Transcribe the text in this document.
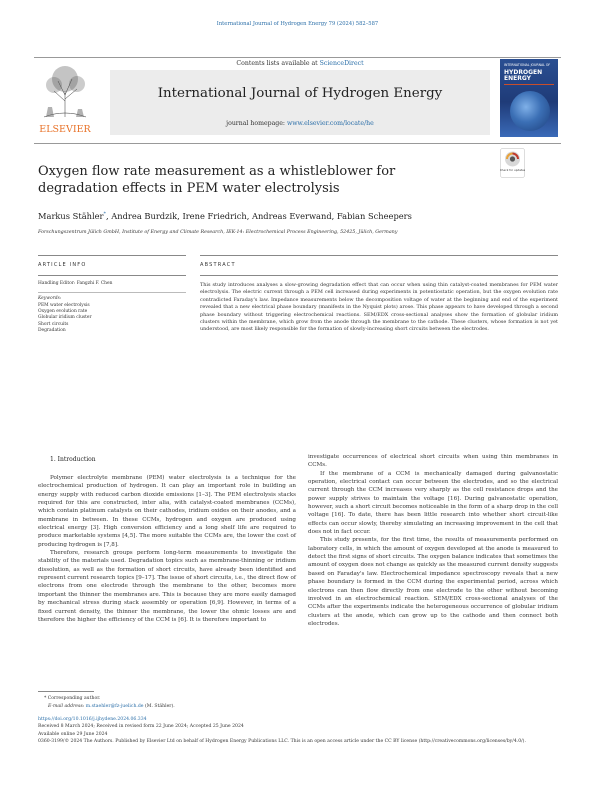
International Journal of Hydrogen Energy 79 (2024) 582–587
ELSEVIER
Contents lists available at ScienceDirect
International Journal of Hydrogen Energy
journal homepage: www.elsevier.com/locate/he
INTERNATIONAL JOURNAL OF
HYDROGEN ENERGY
Check for updates
Oxygen flow rate measurement as a whistleblower for degradation effects in PEM water electrolysis
Markus Stähler*, Andrea Burdzik, Irene Friedrich, Andreas Everwand, Fabian Scheepers
Forschungszentrum Jülich GmbH, Institute of Energy and Climate Research, IEK-14: Electrochemical Process Engineering, 52425, Jülich, Germany
ARTICLE INFO	ABSTRACT
Handling Editor: Fangzhi F. Chen
Keywords:
PEM water electrolysis
Oxygen evolution rate
Globular iridium cluster
Short circuits
Degradation
This study introduces analyses a slow-growing degradation effect that can occur when using thin catalyst-coated membranes for PEM water electrolysis. The electric current through a PEM cell increased during experiments in potentiostatic operation, but the oxygen evolution rate contradicted Faraday's law. Impedance measurements below the decomposition voltage of water at the beginning and end of the experiment revealed that a new electrical phase boundary (manifests in the Nyquist plots) arose. This phase appears to have developed through a second phase boundary without triggering electrochemical reactions. SEM/EDX cross-sectional analyses show the formation of globular iridium clusters within the membrane, which grow from the anode through the membrane to the cathode. These clusters, whose formation is not yet understood, are most likely responsible for the formation of slowly-increasing short circuits between the electrodes.
1. Introduction

Polymer electrolyte membrane (PEM) water electrolysis is a technique for the electrochemical production of hydrogen. It can play an important role in building an energy supply with reduced carbon dioxide emissions [1–3]. The PEM electrolysis stacks required for this are constructed, inter alia, with catalyst-coated membranes (CCMs), which contain platinum catalysts on their cathodes, iridium oxides on their anodes, and a membrane in between. In these CCMs, hydrogen and oxygen are produced using electrical energy [3]. High conversion efficiency and a long shelf life are required to produce marketable systems [4,5]. The more suitable the CCMs are, the lower the cost of producing hydrogen is [7,8].

Therefore, research groups perform long-term measurements to investigate the stability of the materials used. Degradation topics such as membrane-thinning or iridium dissolution, as well as the formation of short circuits, have already been identified and represent current research topics [9–17]. The issue of short circuits, i.e., the direct flow of electrons from one electrode through the membrane to the other, becomes more important the thinner the membranes are. This is because they are more easily damaged by mechanical stress during stack assembly or operation [6,9]. However, in terms of a fixed current density, the thinner the membrane, the lower the ohmic losses are and therefore the higher the efficiency of the CCM is [6]. It is therefore important to

investigate occurrences of electrical short circuits when using thin membranes in CCMs.

If the membrane of a CCM is mechanically damaged during galvanostatic operation, electrical contact can occur between the electrodes, and so the electrical current through the CCM increases very sharply as the cell resistance drops and the power supply strives to maintain the voltage [16]. During galvanostatic operation, however, such a short circuit becomes noticeable in the form of a sharp drop in the cell voltage [16]. To date, there has been little research into whether short circuit-like effects can occur slowly, thereby simulating an increasing improvement in the cell that does not in fact occur.

This study presents, for the first time, the results of measurements performed on laboratory cells, in which the amount of oxygen developed at the anode is measured to detect the first signs of short circuits. The oxygen balance indicates that sometimes the amount of oxygen does not change as quickly as the measured current density suggests based on Faraday's law. Electrochemical impedance spectroscopy reveals that a new phase boundary is formed in the CCM during the experimental period, across which electrons can then flow directly from one electrode to the other without becoming involved in an electrochemical reaction. SEM/EDX cross-sectional analyses of the CCMs after the experiments indicate the heterogeneous occurrence of globular iridium clusters at the anode, which can grow up to the cathode and then connect both electrodes.

* Corresponding author.
E-mail address: m.staehler@fz-juelich.de (M. Stähler).
https://doi.org/10.1016/j.ijhydene.2024.06.334
Received 8 March 2024; Received in revised form 22 June 2024; Accepted 25 June 2024
Available online 29 June 2024
0360-3199/© 2024 The Authors. Published by Elsevier Ltd on behalf of Hydrogen Energy Publications LLC. This is an open access article under the CC BY license (http://creativecommons.org/licenses/by/4.0/).
